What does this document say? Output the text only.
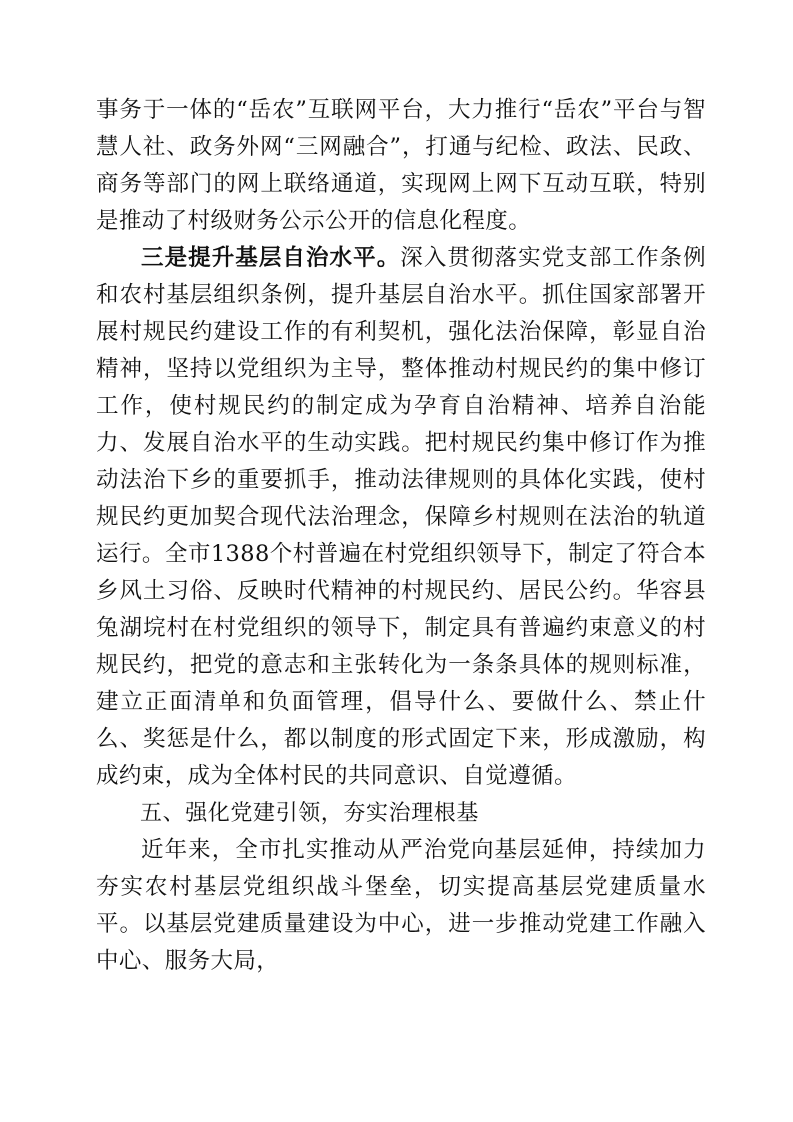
事务于一体的“岳农”互联网平台，大力推行“岳农”平台与智慧人社、政务外网“三网融合”，打通与纪检、政法、民政、商务等部门的网上联络通道，实现网上网下互动互联，特别是推动了村级财务公示公开的信息化程度。

三是提升基层自治水平。深入贯彻落实党支部工作条例和农村基层组织条例，提升基层自治水平。抓住国家部署开展村规民约建设工作的有利契机，强化法治保障，彰显自治精神，坚持以党组织为主导，整体推动村规民约的集中修订工作，使村规民约的制定成为孕育自治精神、培养自治能力、发展自治水平的生动实践。把村规民约集中修订作为推动法治下乡的重要抓手，推动法律规则的具体化实践，使村规民约更加契合现代法治理念，保障乡村规则在法治的轨道运行。全市1388个村普遍在村党组织领导下，制定了符合本乡风土习俗、反映时代精神的村规民约、居民公约。华容县兔湖垸村在村党组织的领导下，制定具有普遍约束意义的村规民约，把党的意志和主张转化为一条条具体的规则标准，建立正面清单和负面管理，倡导什么、要做什么、禁止什么、奖惩是什么，都以制度的形式固定下来，形成激励，构成约束，成为全体村民的共同意识、自觉遵循。

五、强化党建引领，夯实治理根基

近年来，全市扎实推动从严治党向基层延伸，持续加力夯实农村基层党组织战斗堡垒，切实提高基层党建质量水平。以基层党建质量建设为中心，进一步推动党建工作融入中心、服务大局，
